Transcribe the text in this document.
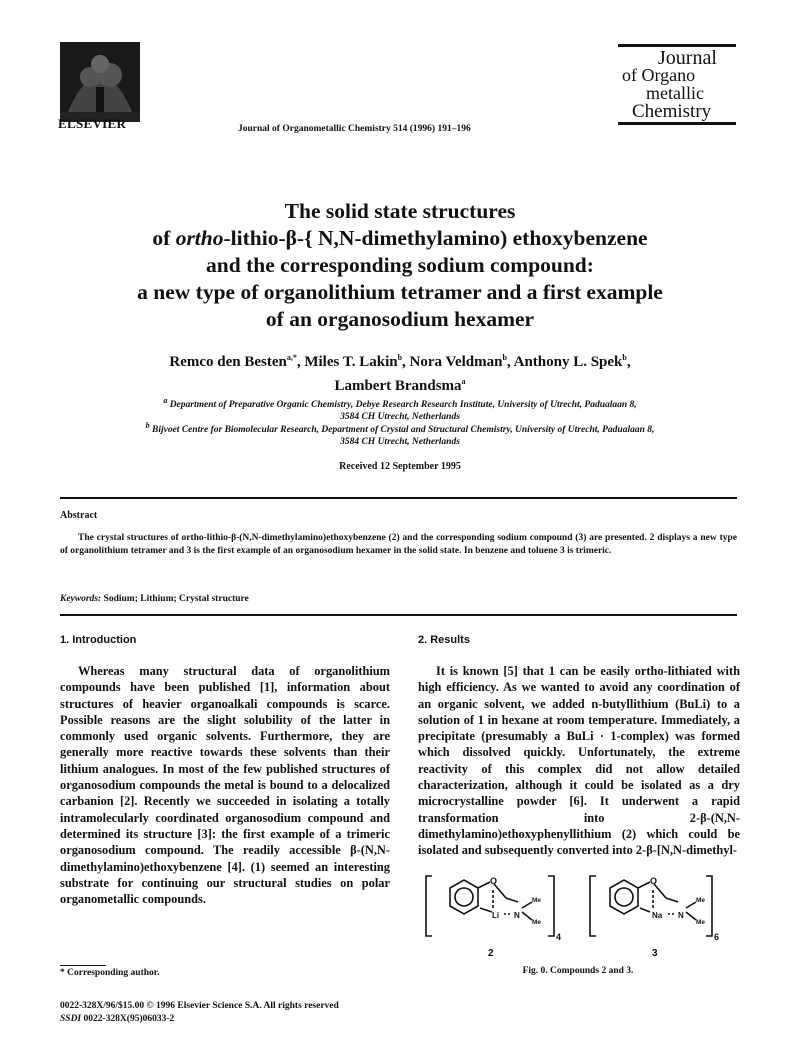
ELSEVIER	Journal of Organometallic Chemistry 514 (1996) 191–196
Journal
of Organo
metallic
Chemistry
The solid state structures
of ortho-lithio-β-{ N,N-dimethylamino) ethoxybenzene
and the corresponding sodium compound:
a new type of organolithium tetramer and a first example
of an organosodium hexamer
Remco den Besten$^{a,*}$, Miles T. Lakin$^b$, Nora Veldman$^b$, Anthony L. Spek$^b$,
Lambert Brandsma$^a$
$^a$ Department of Preparative Organic Chemistry, Debye Research Research Institute, University of Utrecht, Padualaan 8,
3584 CH Utrecht, Netherlands
$^b$ Bijvoet Centre for Biomolecular Research, Department of Crystal and Structural Chemistry, University of Utrecht, Padualaan 8,
3584 CH Utrecht, Netherlands
Received 12 September 1995
Abstract
The crystal structures of ortho-lithio-β-(N,N-dimethylamino)ethoxybenzene (2) and the corresponding sodium compound (3) are presented. 2 displays a new type of organolithium tetramer and 3 is the first example of an organosodium hexamer in the solid state. In benzene and toluene 3 is trimeric.
Keywords: Sodium; Lithium; Crystal structure
1. Introduction
Whereas many structural data of organolithium compounds have been published [1], information about structures of heavier organoalkali compounds is scarce. Possible reasons are the slight solubility of the latter in commonly used organic solvents. Furthermore, they are generally more reactive towards these solvents than their lithium analogues. In most of the few published structures of organosodium compounds the metal is bound to a delocalized carbanion [2]. Recently we succeeded in isolating a totally intramolecularly coordinated organosodium compound and determined its structure [3]: the first example of a trimeric organosodium compound. The readily accessible β-(N,N-dimethylamino)ethoxybenzene [4]. (1) seemed an interesting substrate for continuing our structural studies on polar organometallic compounds.
2. Results
It is known [5] that 1 can be easily ortho-lithiated with high efficiency. As we wanted to avoid any coordination of an organic solvent, we added n-butyllithium (BuLi) to a solution of 1 in hexane at room temperature. Immediately, a precipitate (presumably a BuLi · 1-complex) was formed which dissolved quickly. Unfortunately, the extreme reactivity of this complex did not allow detailed characterization, although it could be isolated as a dry microcrystalline powder [6]. It underwent a rapid transformation into 2-β-(N,N-dimethylamino)ethoxyphenyllithium (2) which could be isolated and subsequently converted into 2-β-[N,N-dimethyl-
O
Li N
Me
Me
4
2
O
Na N
Me
Me
6
3
Fig. 0. Compounds 2 and 3.
* Corresponding author.
0022-328X/96/$15.00 © 1996 Elsevier Science S.A. All rights reserved
SSDI 0022-328X(95)06033-2
